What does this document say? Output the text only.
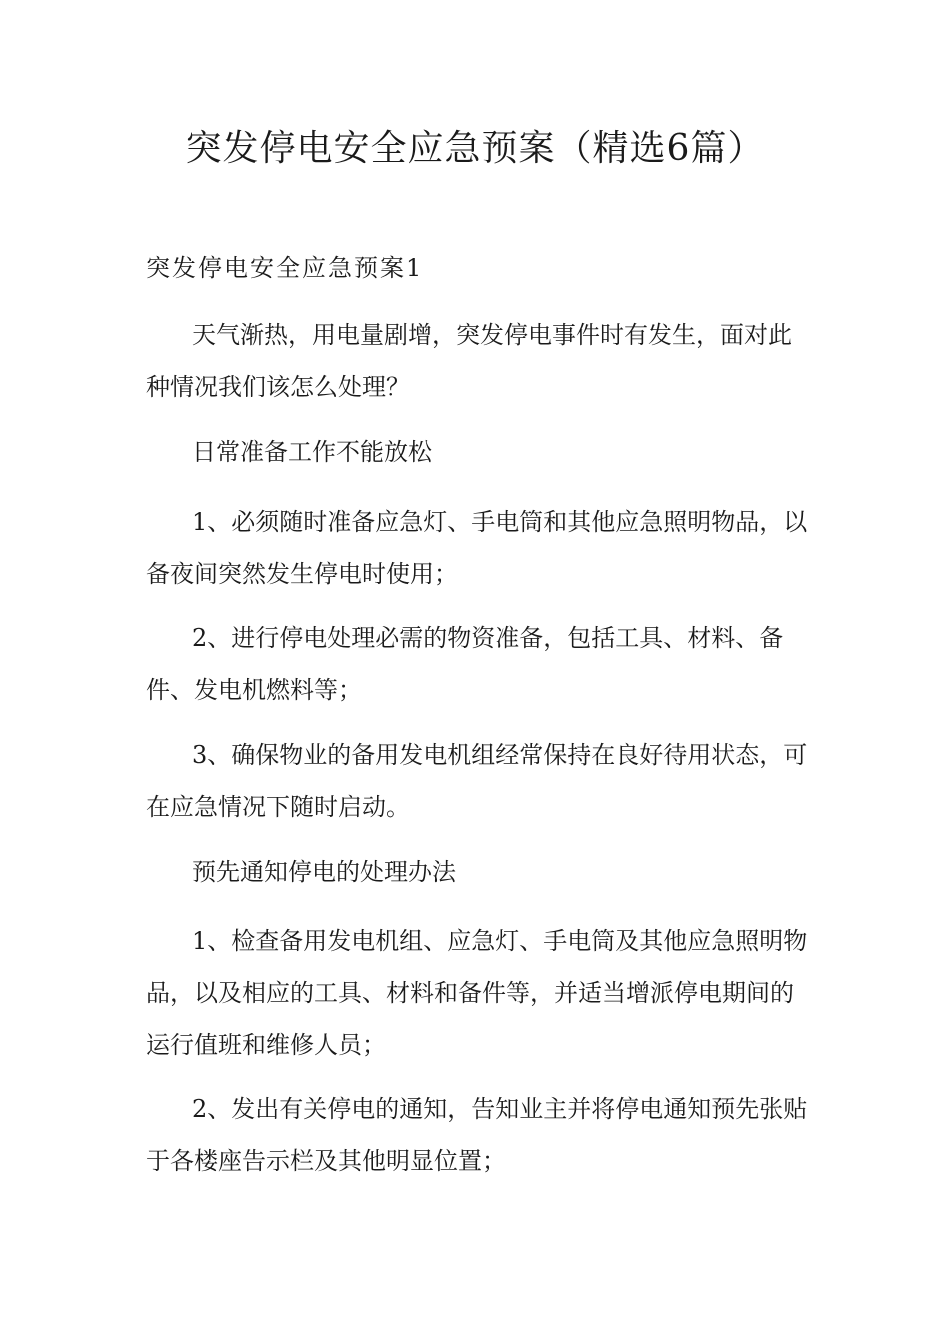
突发停电安全应急预案（精选6篇）
突发停电安全应急预案1

天气渐热，用电量剧增，突发停电事件时有发生，面对此种情况我们该怎么处理？

日常准备工作不能放松

1、必须随时准备应急灯、手电筒和其他应急照明物品，以备夜间突然发生停电时使用；

2、进行停电处理必需的物资准备，包括工具、材料、备件、发电机燃料等；

3、确保物业的备用发电机组经常保持在良好待用状态，可在应急情况下随时启动。

预先通知停电的处理办法

1、检查备用发电机组、应急灯、手电筒及其他应急照明物品，以及相应的工具、材料和备件等，并适当增派停电期间的运行值班和维修人员；

2、发出有关停电的通知，告知业主并将停电通知预先张贴于各楼座告示栏及其他明显位置；
